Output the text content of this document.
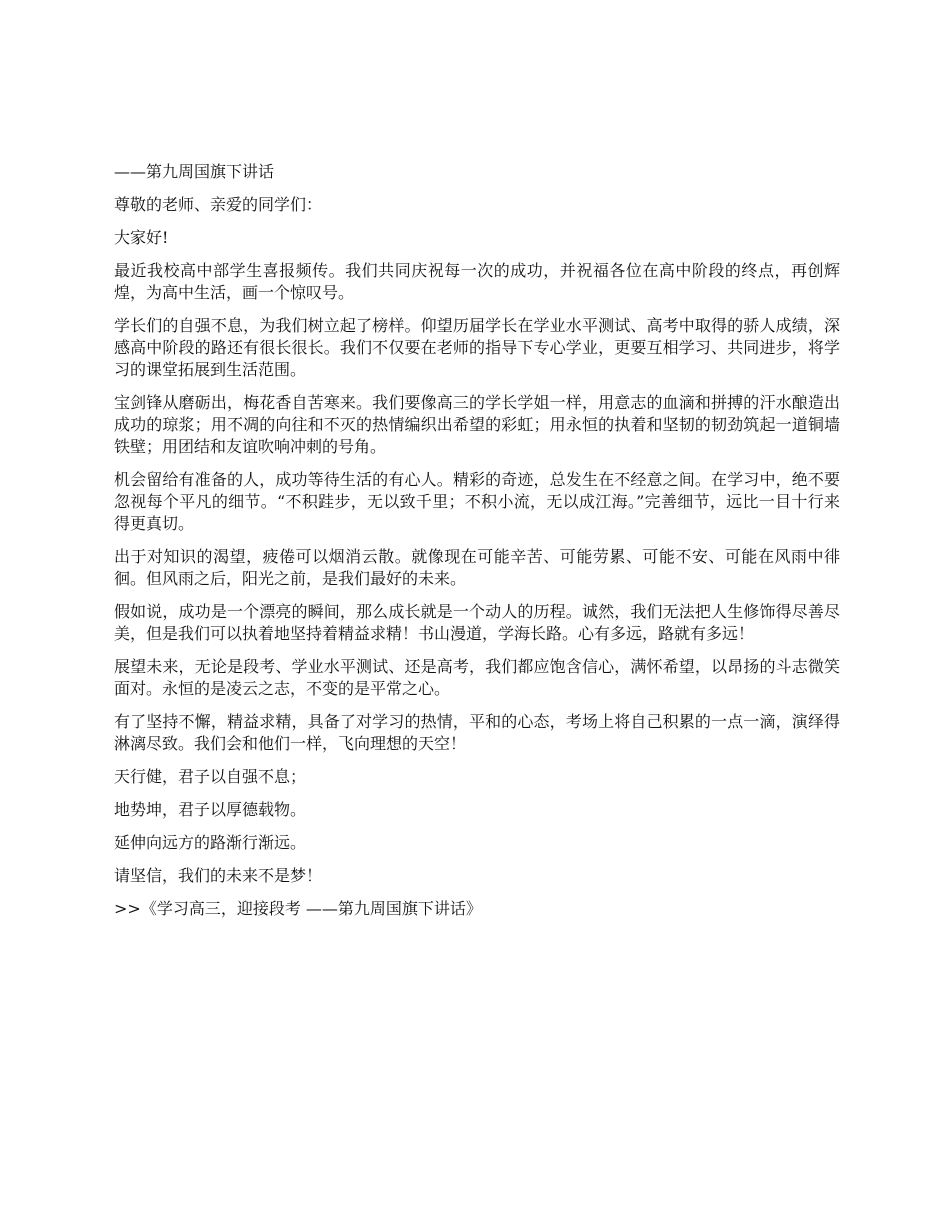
——第九周国旗下讲话

尊敬的老师、亲爱的同学们：

大家好!

最近我校高中部学生喜报频传。我们共同庆祝每一次的成功，并祝福各位在高中阶段的终点，再创辉煌，为高中生活，画一个惊叹号。

学长们的自强不息，为我们树立起了榜样。仰望历届学长在学业水平测试、高考中取得的骄人成绩，深感高中阶段的路还有很长很长。我们不仅要在老师的指导下专心学业，更要互相学习、共同进步，将学习的课堂拓展到生活范围。

宝剑锋从磨砺出，梅花香自苦寒来。我们要像高三的学长学姐一样，用意志的血滴和拼搏的汗水酿造出成功的琼浆；用不凋的向往和不灭的热情编织出希望的彩虹；用永恒的执着和坚韧的韧劲筑起一道铜墙铁壁；用团结和友谊吹响冲刺的号角。

机会留给有准备的人，成功等待生活的有心人。精彩的奇迹，总发生在不经意之间。在学习中，绝不要忽视每个平凡的细节。“不积跬步，无以致千里；不积小流，无以成江海。”完善细节，远比一目十行来得更真切。

出于对知识的渴望，疲倦可以烟消云散。就像现在可能辛苦、可能劳累、可能不安、可能在风雨中徘徊。但风雨之后，阳光之前，是我们最好的未来。

假如说，成功是一个漂亮的瞬间，那么成长就是一个动人的历程。诚然，我们无法把人生修饰得尽善尽美，但是我们可以执着地坚持着精益求精！书山漫道，学海长路。心有多远，路就有多远！

展望未来，无论是段考、学业水平测试、还是高考，我们都应饱含信心，满怀希望，以昂扬的斗志微笑面对。永恒的是凌云之志，不变的是平常之心。

有了坚持不懈，精益求精，具备了对学习的热情，平和的心态，考场上将自己积累的一点一滴，演绎得淋漓尽致。我们会和他们一样，飞向理想的天空！

天行健，君子以自强不息；

地势坤，君子以厚德载物。

延伸向远方的路渐行渐远。

请坚信，我们的未来不是梦！

>>《学习高三，迎接段考 ——第九周国旗下讲话》
